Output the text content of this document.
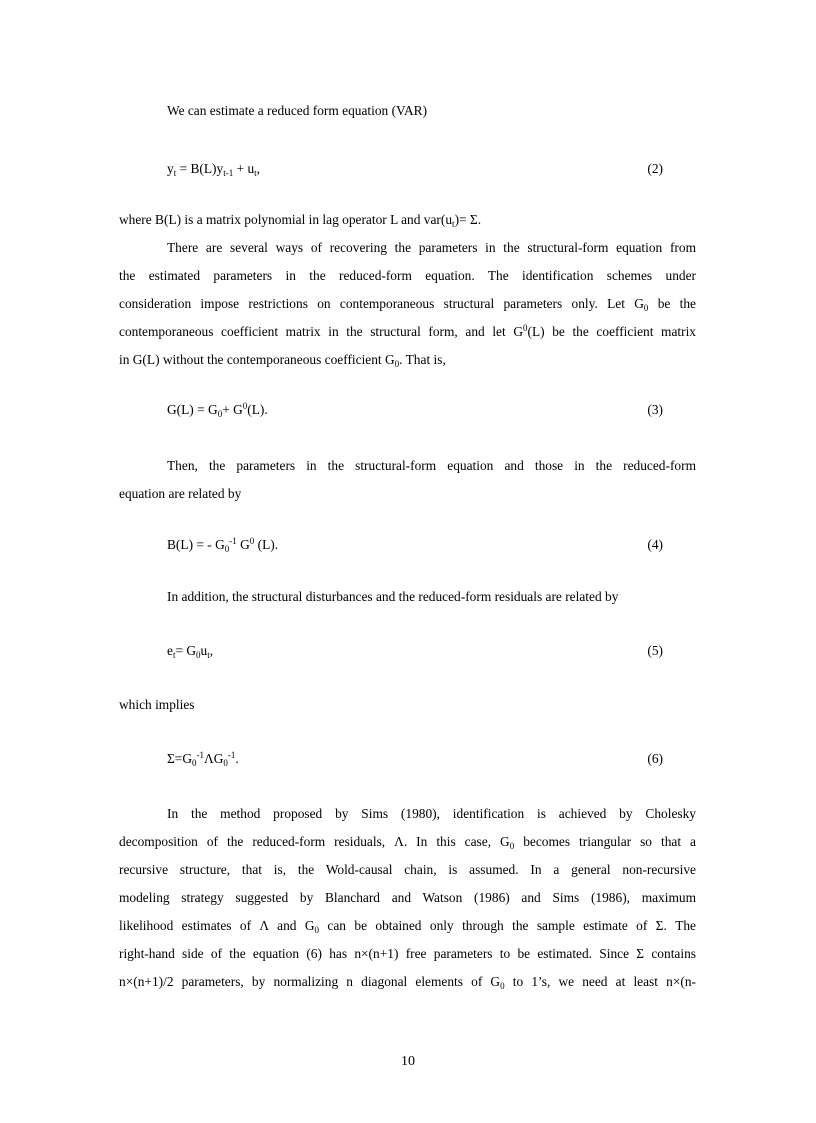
We can estimate a reduced form equation (VAR)
$y_t = B(L)y_{t-1} + u_t$,	(2)
where B(L) is a matrix polynomial in lag operator L and $var(u_t)= \Sigma$.
There are several ways of recovering the parameters in the structural-form equation from
the estimated parameters in the reduced-form equation. The identification schemes under
consideration impose restrictions on contemporaneous structural parameters only. Let $G_0$ be the
contemporaneous coefficient matrix in the structural form, and let $G^0(L)$ be the coefficient matrix
in G(L) without the contemporaneous coefficient $G_0$. That is,
$G(L) = G_0+ G^0(L)$.	(3)
Then, the parameters in the structural-form equation and those in the reduced-form
equation are related by
B(L) = - $G_0^{-1}$ $G^0$ (L).	(4)
In addition, the structural disturbances and the reduced-form residuals are related by
$e_t= G_0u_t$,	(5)
which implies
$\Sigma=G_0^{-1}\Lambda G_0^{-1}$.	(6)
In the method proposed by Sims (1980), identification is achieved by Cholesky
decomposition of the reduced-form residuals, Λ. In this case, $G_0$ becomes triangular so that a
recursive structure, that is, the Wold-causal chain, is assumed. In a general non-recursive
modeling strategy suggested by Blanchard and Watson (1986) and Sims (1986), maximum
likelihood estimates of Λ and $G_0$ can be obtained only through the sample estimate of Σ. The
right-hand side of the equation (6) has n×(n+1) free parameters to be estimated. Since Σ contains
n×(n+1)/2 parameters, by normalizing n diagonal elements of $G_0$ to 1’s, we need at least n×(n-
10
